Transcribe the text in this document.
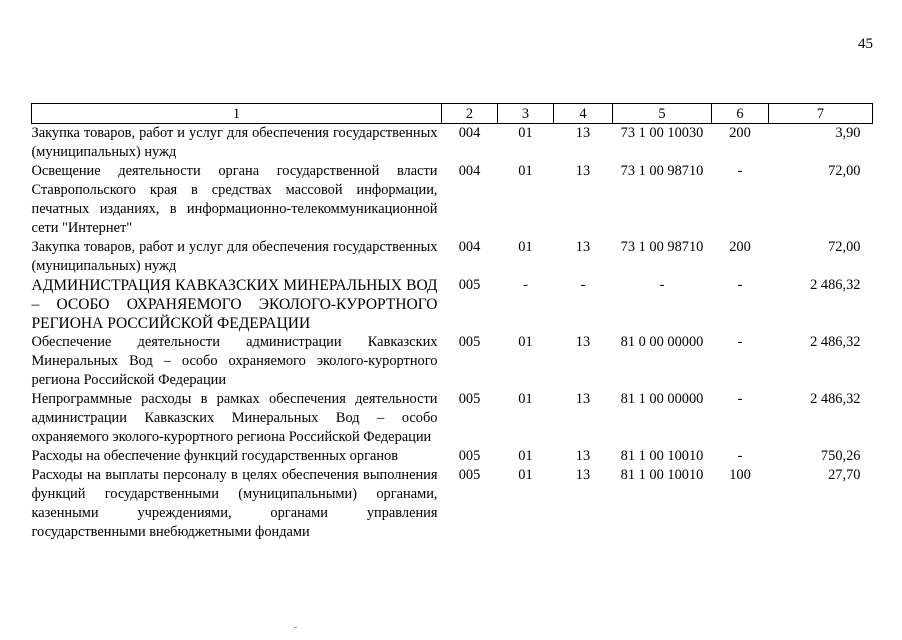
45
1	2	3	4	5	6	7
Закупка товаров, работ и услуг для обеспечения государственных (муниципальных) нужд	004	01	13	73 1 00 10030	200	3,90
Освещение деятельности органа государственной власти Ставропольского края в средствах массовой информации, печатных изданиях, в информационно-телекоммуникационной сети "Интернет"	004	01	13	73 1 00 98710	-	72,00
Закупка товаров, работ и услуг для обеспечения государственных (муниципальных) нужд	004	01	13	73 1 00 98710	200	72,00
АДМИНИСТРАЦИЯ КАВКАЗСКИХ МИНЕРАЛЬНЫХ ВОД – ОСОБО ОХРАНЯЕМОГО ЭКОЛОГО-КУРОРТНОГО РЕГИОНА РОССИЙСКОЙ ФЕДЕРАЦИИ	005	-	-	-	-	2 486,32
Обеспечение деятельности администрации Кавказских Минеральных Вод – особо охраняемого эколого-курортного региона Российской Федерации	005	01	13	81 0 00 00000	-	2 486,32
Непрограммные расходы в рамках обеспечения деятельности администрации Кавказских Минеральных Вод – особо охраняемого эколого-курортного региона Российской Федерации	005	01	13	81 1 00 00000	-	2 486,32
Расходы на обеспечение функций государственных органов	005	01	13	81 1 00 10010	-	750,26
Расходы на выплаты персоналу в целях обеспечения выполнения функций государственными (муниципальными) органами, казенными учреждениями, органами управления государственными внебюджетными фондами	005	01	13	81 1 00 10010	100	27,70
